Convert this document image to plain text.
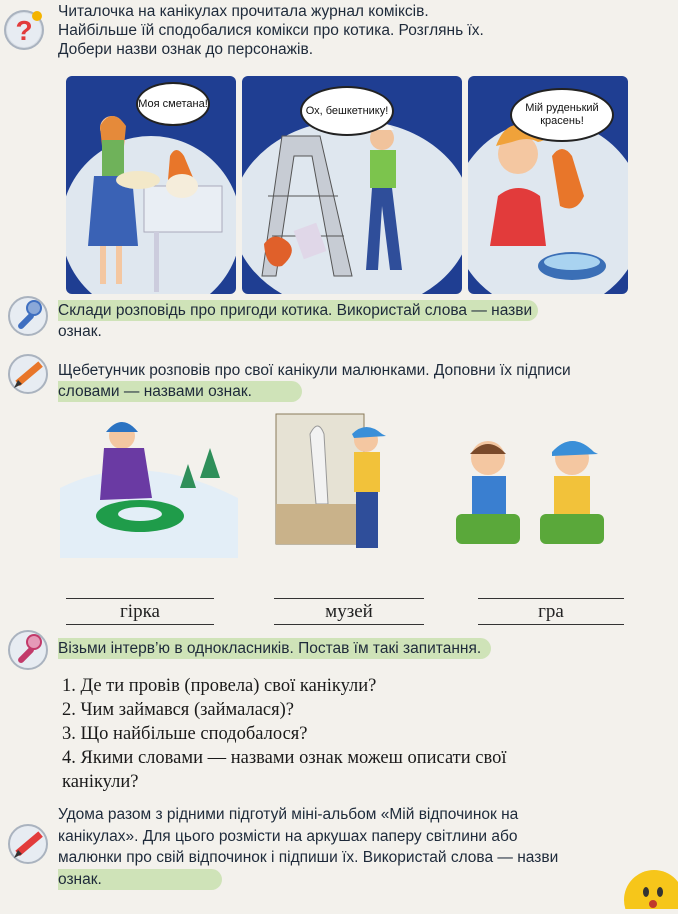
?
Читалочка на канікулах прочитала журнал коміксів.
Найбільше їй сподобалися комікси про котика. Розглянь їх.
Добери назви ознак до персонажів.
Моя сметана!
Ох, бешкетнику!	Мій руденький красень!
Склади розповідь про пригоди котика. Використай слова — назви
ознак.
Щебетунчик розповів про свої канікули малюнками. Доповни їх підписи
словами — назвами ознак.
гірка	музей	гра
Візьми інтерв’ю в однокласників. Постав їм такі запитання.
1. Де ти провів (провела) свої канікули?
2. Чим займався (займалася)?
3. Що найбільше сподобалося?
4. Якими словами — назвами ознак можеш описати свої
канікули?
Удома разом з рідними підготуй міні-альбом «Мій відпочинок на
канікулах». Для цього розмісти на аркушах паперу світлини або
малюнки про свій відпочинок і підпиши їх. Використай слова — назви
ознак.
